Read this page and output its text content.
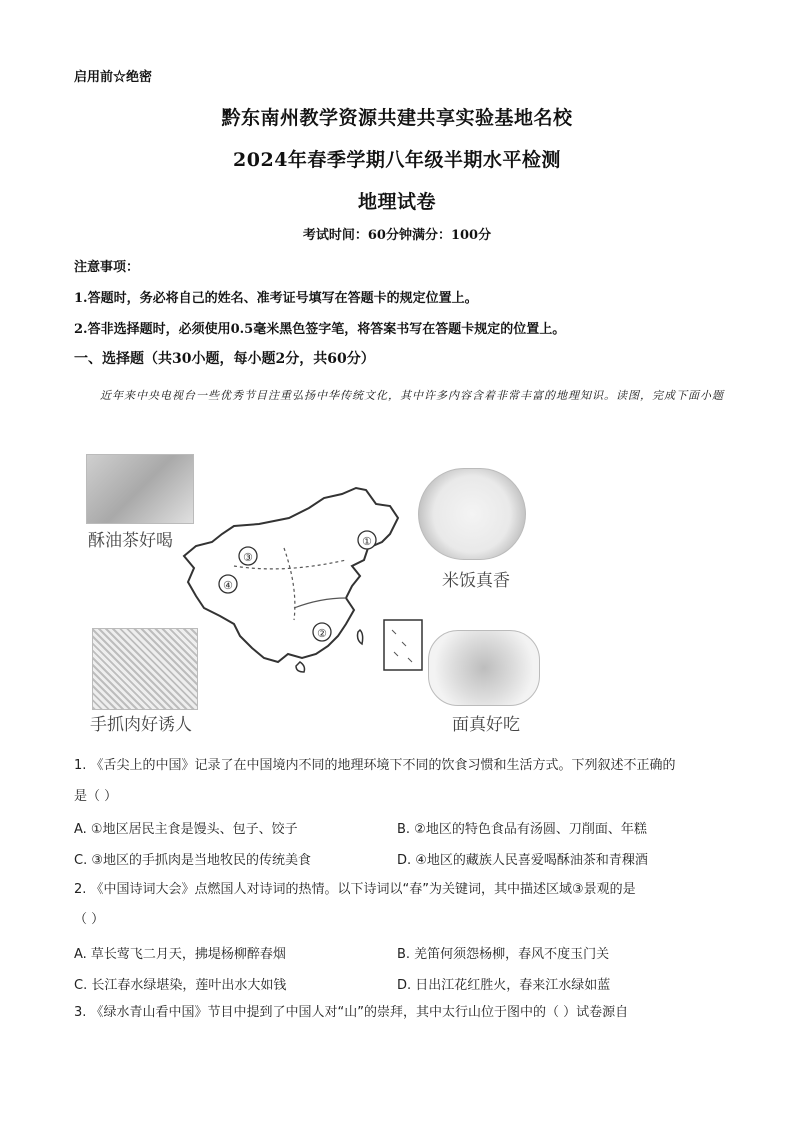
启用前☆绝密
黔东南州教学资源共建共享实验基地名校
2024年春季学期八年级半期水平检测
地理试卷
考试时间：60分钟满分：100分
注意事项：
1.答题时，务必将自己的姓名、准考证号填写在答题卡的规定位置上。
2.答非选择题时，必须使用0.5毫米黑色签字笔，将答案书写在答题卡规定的位置上。
一、选择题（共30小题，每小题2分，共60分）
近年来中央电视台一些优秀节目注重弘扬中华传统文化，其中许多内容含着非常丰富的地理知识。读图，完成下面小题
酥油茶好喝
米饭真香
手抓肉好诱人	面真好吃
①
②
③
④
1. 《舌尖上的中国》记录了在中国境内不同的地理环境下不同的饮食习惯和生活方式。下列叙述不正确的
是（ ）
A. ①地区居民主食是馒头、包子、饺子	B. ②地区的特色食品有汤圆、刀削面、年糕
C. ③地区的手抓肉是当地牧民的传统美食	D. ④地区的藏族人民喜爱喝酥油茶和青稞酒
2. 《中国诗词大会》点燃国人对诗词的热情。以下诗词以“春”为关键词，其中描述区域③景观的是
（ ）
A. 草长莺飞二月天，拂堤杨柳醉春烟	B. 羌笛何须怨杨柳，春风不度玉门关
C. 长江春水绿堪染，莲叶出水大如钱	D. 日出江花红胜火，春来江水绿如蓝
3. 《绿水青山看中国》节目中提到了中国人对“山”的崇拜，其中太行山位于图中的（ ）试卷源自
